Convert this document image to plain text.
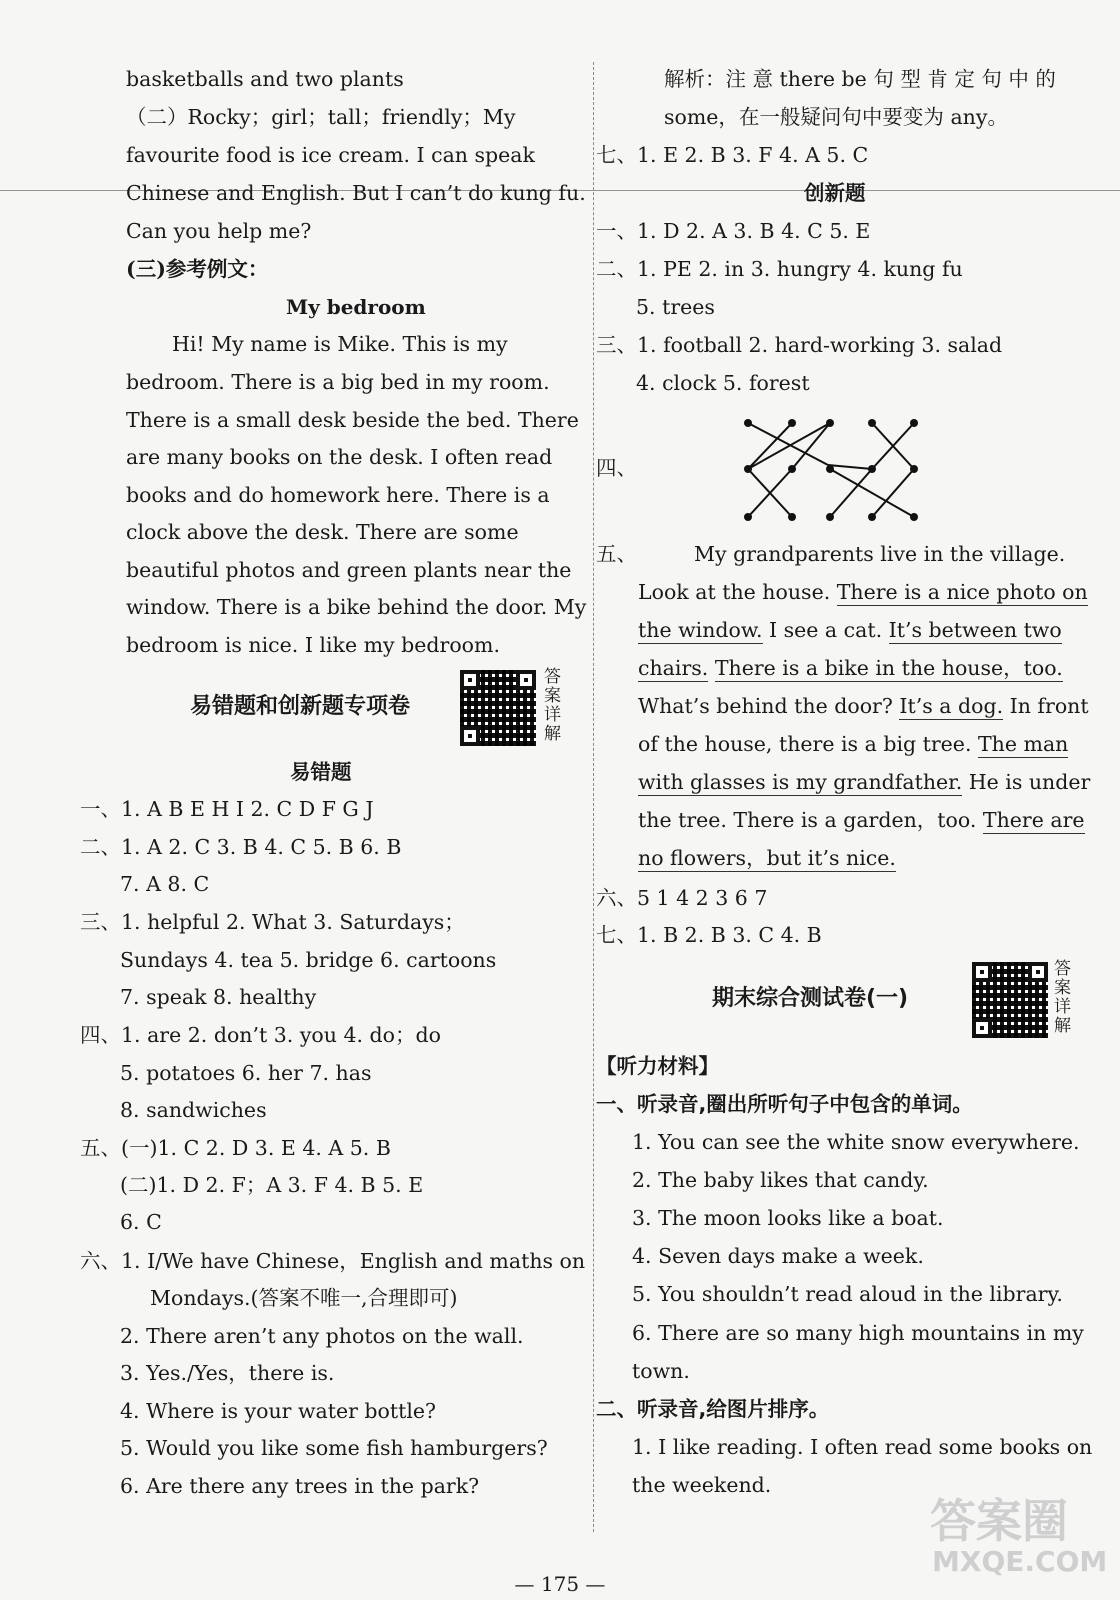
basketballs and two plants
（二）Rocky；girl；tall；friendly；My
favourite food is ice cream. I can speak
Chinese and English. But I can’t do kung fu.
Can you help me?
(三)参考例文：
My bedroom
Hi! My name is Mike. This is my
bedroom. There is a big bed in my room.
There is a small desk beside the bed. There
are many books on the desk. I often read
books and do homework here. There is a
clock above the desk. There are some
beautiful photos and green plants near the
window. There is a bike behind the door. My
bedroom is nice. I like my bedroom.
易错题和创新题专项卷
答案详解
易错题
一、1. A B E H I 2. C D F G J
二、1. A 2. C 3. B 4. C 5. B 6. B
7. A 8. C
三、1. helpful 2. What 3. Saturdays；
Sundays 4. tea 5. bridge 6. cartoons
7. speak 8. healthy
四、1. are 2. don’t 3. you 4. do；do
5. potatoes 6. her 7. has
8. sandwiches
五、(一)1. C 2. D 3. E 4. A 5. B
(二)1. D 2. F；A 3. F 4. B 5. E
6. C
六、1. I/We have Chinese，English and maths on
Mondays.(答案不唯一,合理即可)
2. There aren’t any photos on the wall.
3. Yes./Yes，there is.
4. Where is your water bottle?
5. Would you like some fish hamburgers?
6. Are there any trees in the park?
解析：注 意 there be 句 型 肯 定 句 中 的
some，在一般疑问句中要变为 any。
七、1. E 2. B 3. F 4. A 5. C
创新题
一、1. D 2. A 3. B 4. C 5. E
二、1. PE 2. in 3. hungry 4. kung fu
5. trees
三、1. football 2. hard-working 3. salad
4. clock 5. forest
四、
五、	My grandparents live in the village.
Look at the house. There is a nice photo on
the window. I see a cat. It’s between two
chairs. There is a bike in the house，too.
What’s behind the door? It’s a dog. In front
of the house, there is a big tree. The man
with glasses is my grandfather. He is under
the tree. There is a garden，too. There are
no flowers，but it’s nice.
六、5 1 4 2 3 6 7
七、1. B 2. B 3. C 4. B
期末综合测试卷(一)
答案详解
【听力材料】
一、听录音,圈出所听句子中包含的单词。
1. You can see the white snow everywhere.
2. The baby likes that candy.
3. The moon looks like a boat.
4. Seven days make a week.
5. You shouldn’t read aloud in the library.
6. There are so many high mountains in my
town.
二、听录音,给图片排序。
1. I like reading. I often read some books on
the weekend.
— 175 —
答案圈
MXQE.COM
